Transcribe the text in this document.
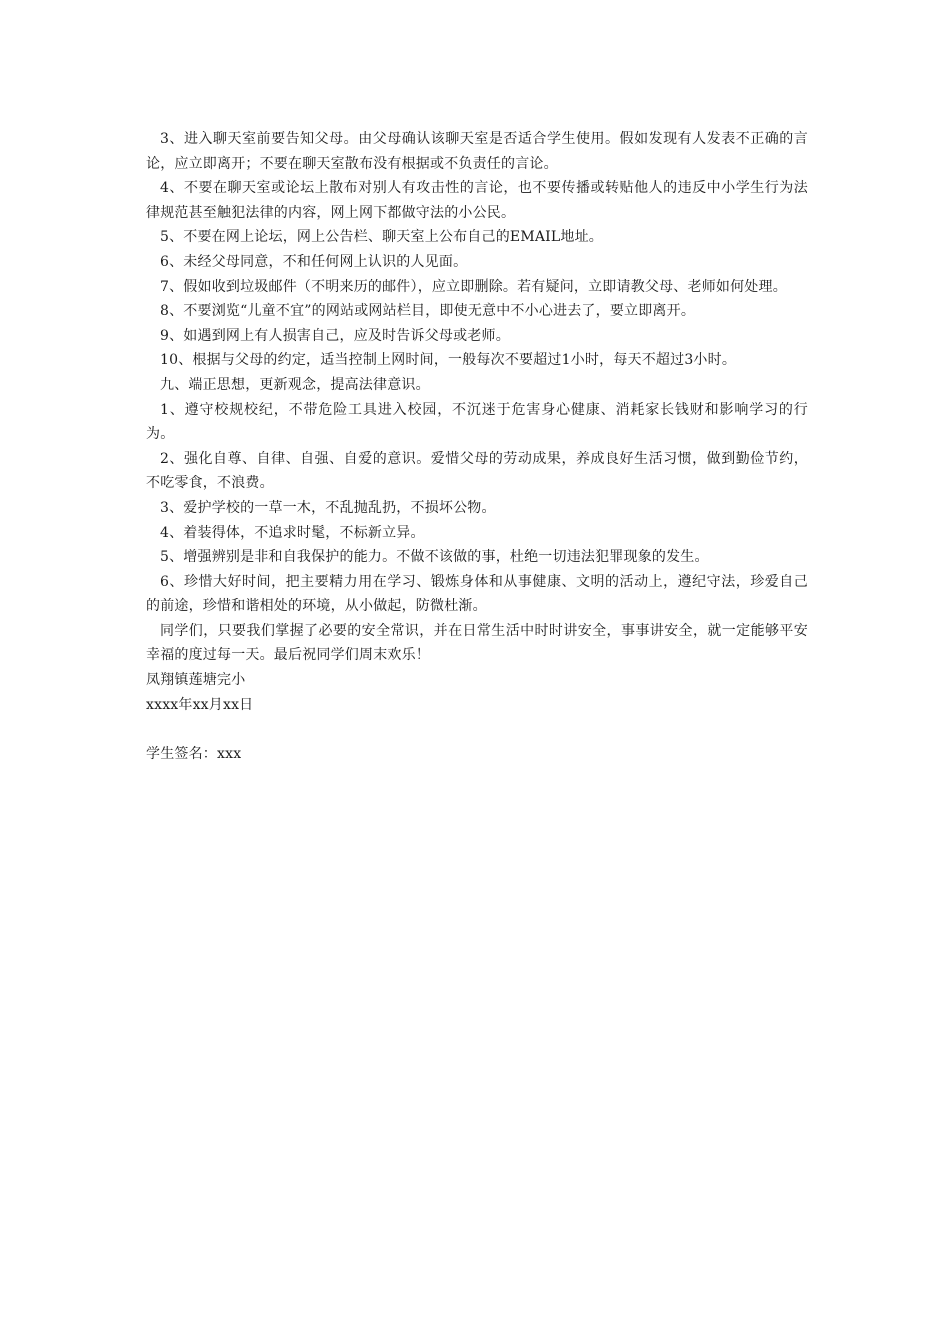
3、进入聊天室前要告知父母。由父母确认该聊天室是否适合学生使用。假如发现有人发表不正确的言论，应立即离开；不要在聊天室散布没有根据或不负责任的言论。

4、不要在聊天室或论坛上散布对别人有攻击性的言论，也不要传播或转贴他人的违反中小学生行为法律规范甚至触犯法律的内容，网上网下都做守法的小公民。

5、不要在网上论坛，网上公告栏、聊天室上公布自己的EMAIL地址。

6、未经父母同意，不和任何网上认识的人见面。

7、假如收到垃圾邮件（不明来历的邮件），应立即删除。若有疑问，立即请教父母、老师如何处理。

8、不要浏览“儿童不宜”的网站或网站栏目，即使无意中不小心进去了，要立即离开。

9、如遇到网上有人损害自己，应及时告诉父母或老师。

10、根据与父母的约定，适当控制上网时间，一般每次不要超过1小时，每天不超过3小时。

九、端正思想，更新观念，提高法律意识。

1、遵守校规校纪，不带危险工具进入校园，不沉迷于危害身心健康、消耗家长钱财和影响学习的行为。

2、强化自尊、自律、自强、自爱的意识。爱惜父母的劳动成果，养成良好生活习惯，做到勤俭节约，不吃零食，不浪费。

3、爱护学校的一草一木，不乱抛乱扔，不损坏公物。

4、着装得体，不追求时髦，不标新立异。

5、增强辨别是非和自我保护的能力。不做不该做的事，杜绝一切违法犯罪现象的发生。

6、珍惜大好时间，把主要精力用在学习、锻炼身体和从事健康、文明的活动上，遵纪守法，珍爱自己的前途，珍惜和谐相处的环境，从小做起，防微杜渐。

同学们，只要我们掌握了必要的安全常识，并在日常生活中时时讲安全，事事讲安全，就一定能够平安幸福的度过每一天。最后祝同学们周末欢乐！

凤翔镇莲塘完小

xxxx年xx月xx日

学生签名：xxx
